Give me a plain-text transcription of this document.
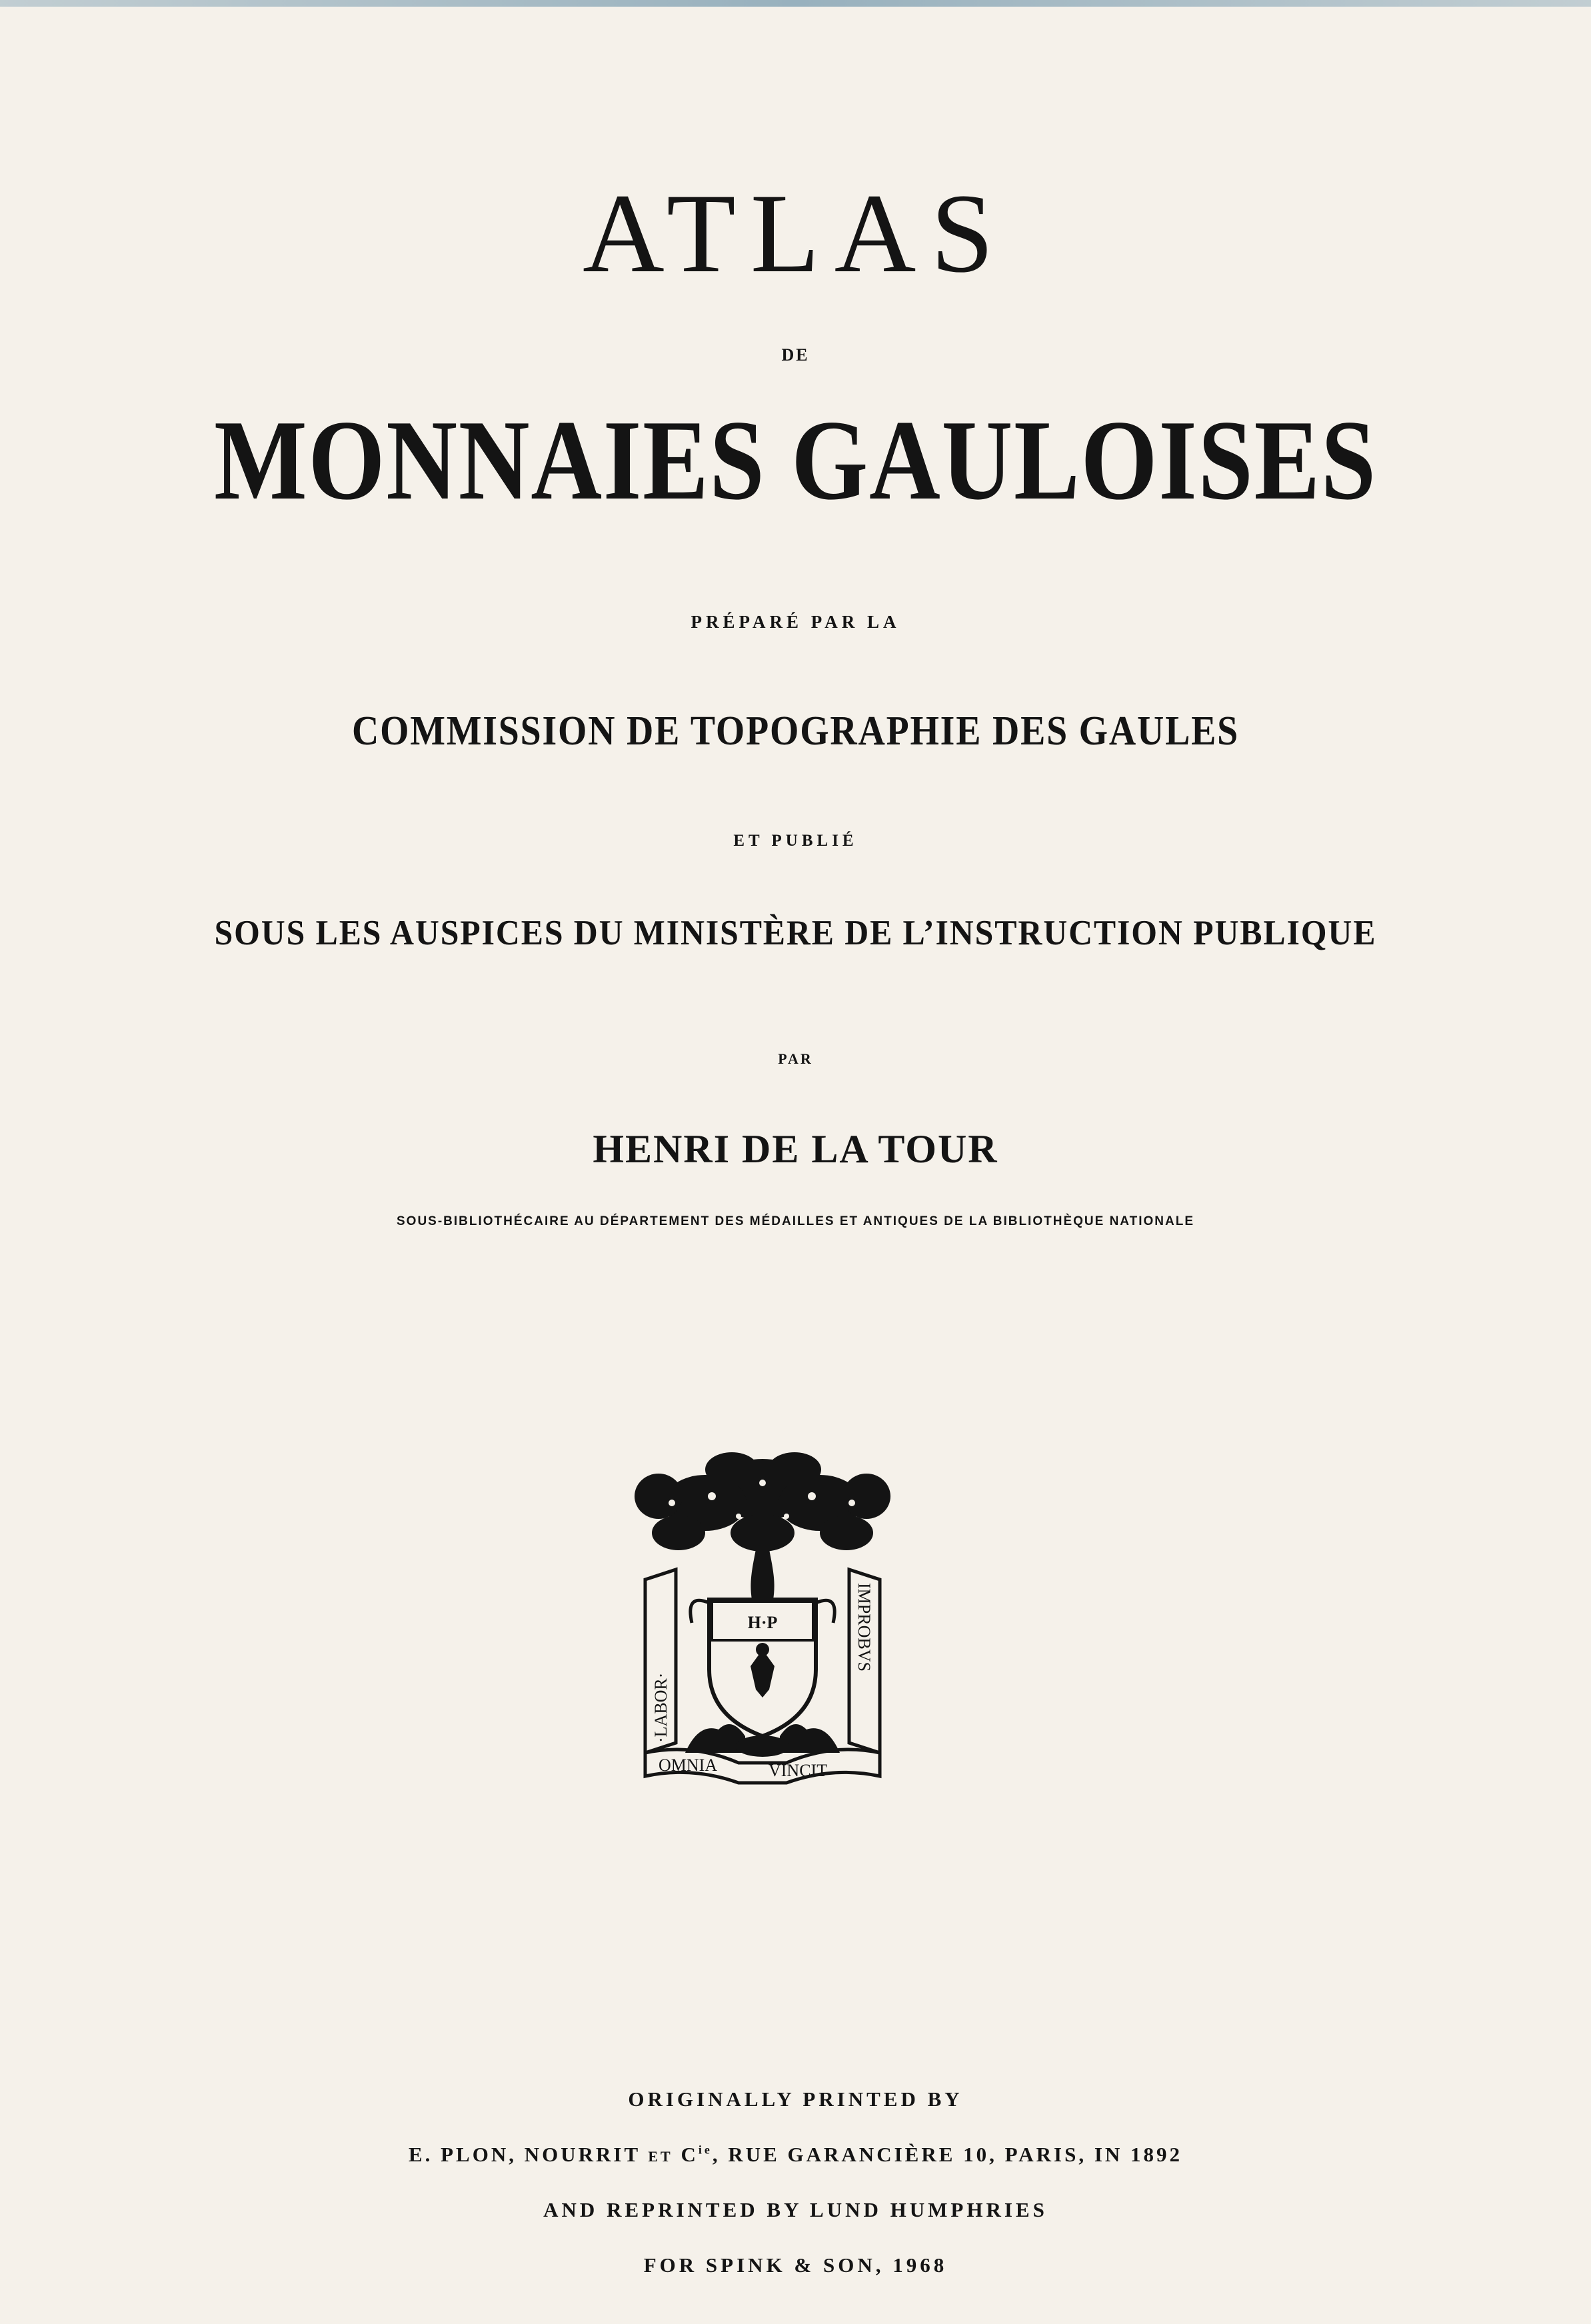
ATLAS
DE
MONNAIES GAULOISES
PRÉPARÉ PAR LA
COMMISSION DE TOPOGRAPHIE DES GAULES
ET PUBLIÉ
SOUS LES AUSPICES DU MINISTÈRE DE L’INSTRUCTION PUBLIQUE
PAR
HENRI DE LA TOUR
SOUS-BIBLIOTHÉCAIRE AU DÉPARTEMENT DES MÉDAILLES ET ANTIQUES DE LA BIBLIOTHÈQUE NATIONALE
·LABOR·
IMPROBVS
OMNIA	VINCIT
H·P
ORIGINALLY PRINTED BY
E. PLON, NOURRIT ET $C^{ie}$, RUE GARANCIÈRE 10, PARIS, IN 1892
AND REPRINTED BY LUND HUMPHRIES
FOR SPINK & SON, 1968
